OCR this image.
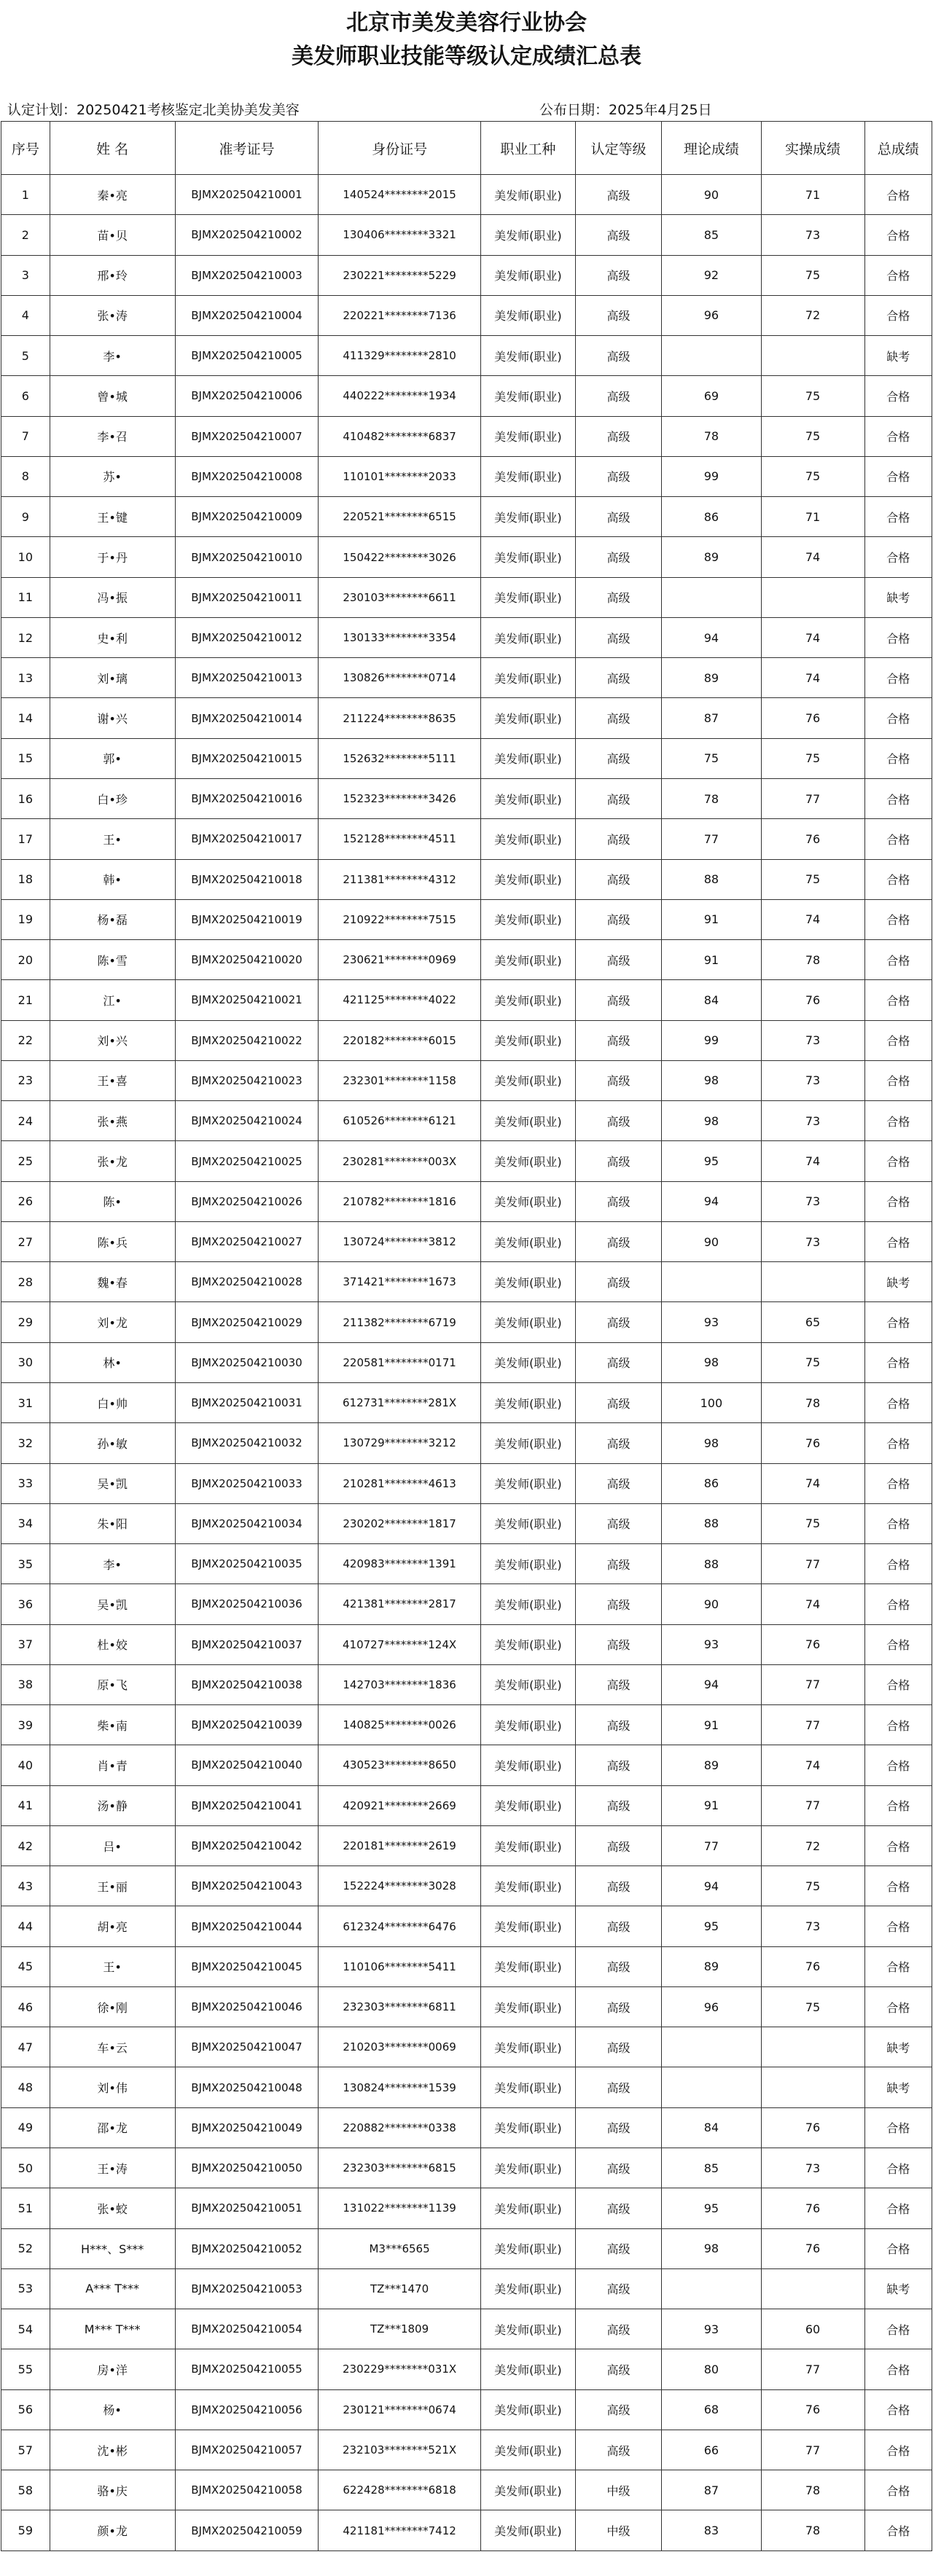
北京市美发美容行业协会
美发师职业技能等级认定成绩汇总表
认定计划：20250421考核鉴定北美协美发美容	公布日期：2025年4月25日
序号	姓 名	准考证号	身份证号	职业工种	认定等级	理论成绩	实操成绩	总成绩
1	秦•亮	BJMX202504210001	140524********2015	美发师(职业)	高级	90	71	合格
2	苗•贝	BJMX202504210002	130406********3321	美发师(职业)	高级	85	73	合格
3	邢•玲	BJMX202504210003	230221********5229	美发师(职业)	高级	92	75	合格
4	张•涛	BJMX202504210004	220221********7136	美发师(职业)	高级	96	72	合格
5	李•	BJMX202504210005	411329********2810	美发师(职业)	高级			缺考
6	曾•城	BJMX202504210006	440222********1934	美发师(职业)	高级	69	75	合格
7	李•召	BJMX202504210007	410482********6837	美发师(职业)	高级	78	75	合格
8	苏•	BJMX202504210008	110101********2033	美发师(职业)	高级	99	75	合格
9	王•键	BJMX202504210009	220521********6515	美发师(职业)	高级	86	71	合格
10	于•丹	BJMX202504210010	150422********3026	美发师(职业)	高级	89	74	合格
11	冯•振	BJMX202504210011	230103********6611	美发师(职业)	高级			缺考
12	史•利	BJMX202504210012	130133********3354	美发师(职业)	高级	94	74	合格
13	刘•璃	BJMX202504210013	130826********0714	美发师(职业)	高级	89	74	合格
14	谢•兴	BJMX202504210014	211224********8635	美发师(职业)	高级	87	76	合格
15	郭•	BJMX202504210015	152632********5111	美发师(职业)	高级	75	75	合格
16	白•珍	BJMX202504210016	152323********3426	美发师(职业)	高级	78	77	合格
17	王•	BJMX202504210017	152128********4511	美发师(职业)	高级	77	76	合格
18	韩•	BJMX202504210018	211381********4312	美发师(职业)	高级	88	75	合格
19	杨•磊	BJMX202504210019	210922********7515	美发师(职业)	高级	91	74	合格
20	陈•雪	BJMX202504210020	230621********0969	美发师(职业)	高级	91	78	合格
21	江•	BJMX202504210021	421125********4022	美发师(职业)	高级	84	76	合格
22	刘•兴	BJMX202504210022	220182********6015	美发师(职业)	高级	99	73	合格
23	王•喜	BJMX202504210023	232301********1158	美发师(职业)	高级	98	73	合格
24	张•燕	BJMX202504210024	610526********6121	美发师(职业)	高级	98	73	合格
25	张•龙	BJMX202504210025	230281********003X	美发师(职业)	高级	95	74	合格
26	陈•	BJMX202504210026	210782********1816	美发师(职业)	高级	94	73	合格
27	陈•兵	BJMX202504210027	130724********3812	美发师(职业)	高级	90	73	合格
28	魏•春	BJMX202504210028	371421********1673	美发师(职业)	高级			缺考
29	刘•龙	BJMX202504210029	211382********6719	美发师(职业)	高级	93	65	合格
30	林•	BJMX202504210030	220581********0171	美发师(职业)	高级	98	75	合格
31	白•帅	BJMX202504210031	612731********281X	美发师(职业)	高级	100	78	合格
32	孙•敏	BJMX202504210032	130729********3212	美发师(职业)	高级	98	76	合格
33	吴•凯	BJMX202504210033	210281********4613	美发师(职业)	高级	86	74	合格
34	朱•阳	BJMX202504210034	230202********1817	美发师(职业)	高级	88	75	合格
35	李•	BJMX202504210035	420983********1391	美发师(职业)	高级	88	77	合格
36	吴•凯	BJMX202504210036	421381********2817	美发师(职业)	高级	90	74	合格
37	杜•姣	BJMX202504210037	410727********124X	美发师(职业)	高级	93	76	合格
38	原•飞	BJMX202504210038	142703********1836	美发师(职业)	高级	94	77	合格
39	柴•南	BJMX202504210039	140825********0026	美发师(职业)	高级	91	77	合格
40	肖•青	BJMX202504210040	430523********8650	美发师(职业)	高级	89	74	合格
41	汤•静	BJMX202504210041	420921********2669	美发师(职业)	高级	91	77	合格
42	吕•	BJMX202504210042	220181********2619	美发师(职业)	高级	77	72	合格
43	王•丽	BJMX202504210043	152224********3028	美发师(职业)	高级	94	75	合格
44	胡•亮	BJMX202504210044	612324********6476	美发师(职业)	高级	95	73	合格
45	王•	BJMX202504210045	110106********5411	美发师(职业)	高级	89	76	合格
46	徐•刚	BJMX202504210046	232303********6811	美发师(职业)	高级	96	75	合格
47	车•云	BJMX202504210047	210203********0069	美发师(职业)	高级			缺考
48	刘•伟	BJMX202504210048	130824********1539	美发师(职业)	高级			缺考
49	邵•龙	BJMX202504210049	220882********0338	美发师(职业)	高级	84	76	合格
50	王•涛	BJMX202504210050	232303********6815	美发师(职业)	高级	85	73	合格
51	张•蛟	BJMX202504210051	131022********1139	美发师(职业)	高级	95	76	合格
52	H***、S***	BJMX202504210052	M3***6565	美发师(职业)	高级	98	76	合格
53	A*** T***	BJMX202504210053	TZ***1470	美发师(职业)	高级			缺考
54	M*** T***	BJMX202504210054	TZ***1809	美发师(职业)	高级	93	60	合格
55	房•洋	BJMX202504210055	230229********031X	美发师(职业)	高级	80	77	合格
56	杨•	BJMX202504210056	230121********0674	美发师(职业)	高级	68	76	合格
57	沈•彬	BJMX202504210057	232103********521X	美发师(职业)	高级	66	77	合格
58	骆•庆	BJMX202504210058	622428********6818	美发师(职业)	中级	87	78	合格
59	颜•龙	BJMX202504210059	421181********7412	美发师(职业)	中级	83	78	合格
